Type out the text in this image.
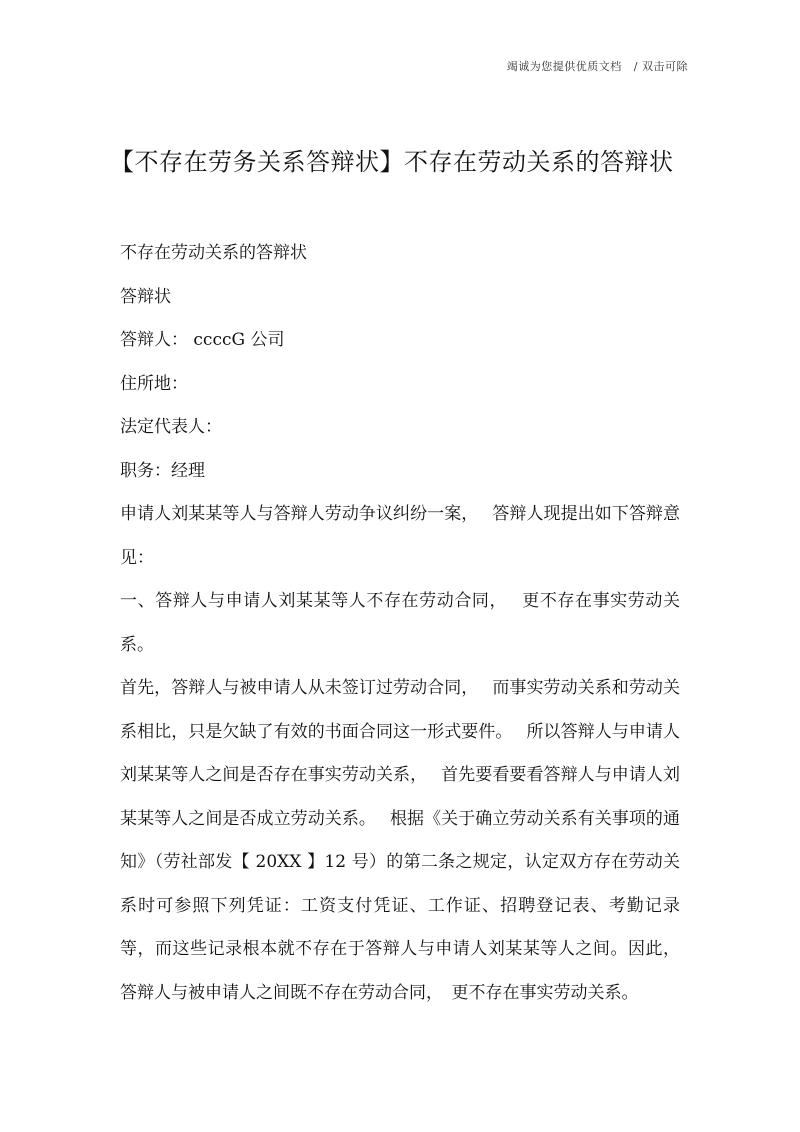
竭诚为您提供优质文档 / 双击可除
【不存在劳务关系答辩状】不存在劳动关系的答辩状

不存在劳动关系的答辩状

答辩状

答辩人： ccccG 公司

住所地：

法定代表人：

职务：经理

申请人刘某某等人与答辩人劳动争议纠纷一案，　 答辩人现提出如下答辩意见：

一、答辩人与申请人刘某某等人不存在劳动合同，　 更不存在事实劳动关系。

首先，答辩人与被申请人从未签订过劳动合同，　 而事实劳动关系和劳动关系相比，只是欠缺了有效的书面合同这一形式要件。　 所以答辩人与申请人刘某某等人之间是否存在事实劳动关系，　 首先要看要看答辩人与申请人刘某某等人之间是否成立劳动关系。　 根据《关于确立劳动关系有关事项的通知》（劳社部发【 20XX 】12 号）的第二条之规定，认定双方存在劳动关系时可参照下列凭证：工资支付凭证、工作证、招聘登记表、考勤记录等，而这些记录根本就不存在于答辩人与申请人刘某某等人之间。因此，答辩人与被申请人之间既不存在劳动合同，　更不存在事实劳动关系。
